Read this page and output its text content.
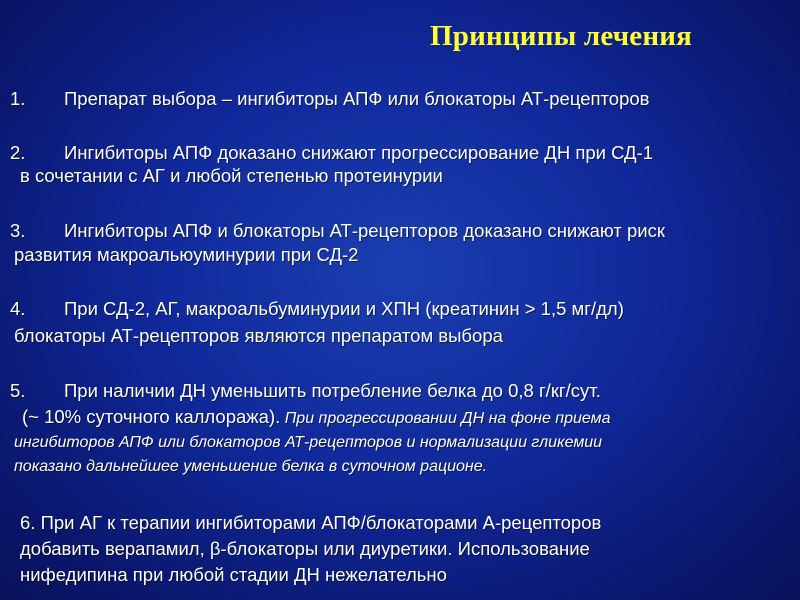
Принципы лечения
1. Препарат выбора – ингибиторы АПФ или блокаторы АТ-рецепторов
2. Ингибиторы АПФ доказано снижают прогрессирование ДН при СД-1
в сочетании с АГ и любой степенью протеинурии
3. Ингибиторы АПФ и блокаторы АТ-рецепторов доказано снижают риск
развития макроальюуминурии при СД-2
4. При СД-2, АГ, макроальбуминурии и ХПН (креатинин > 1,5 мг/дл)
блокаторы АТ-рецепторов являются препаратом выбора
5. При наличии ДН уменьшить потребление белка до 0,8 г/кг/сут.
(~ 10% суточного каллоража). При прогрессировании ДН на фоне приема
ингибиторов АПФ или блокаторов АТ-рецепторов и нормализации гликемии
показано дальнейшее уменьшение белка в суточном рационе.
6. При АГ к терапии ингибиторами АПФ/блокаторами А-рецепторов
добавить верапамил, β-блокаторы или диуретики. Использование
нифедипина при любой стадии ДН нежелательно
